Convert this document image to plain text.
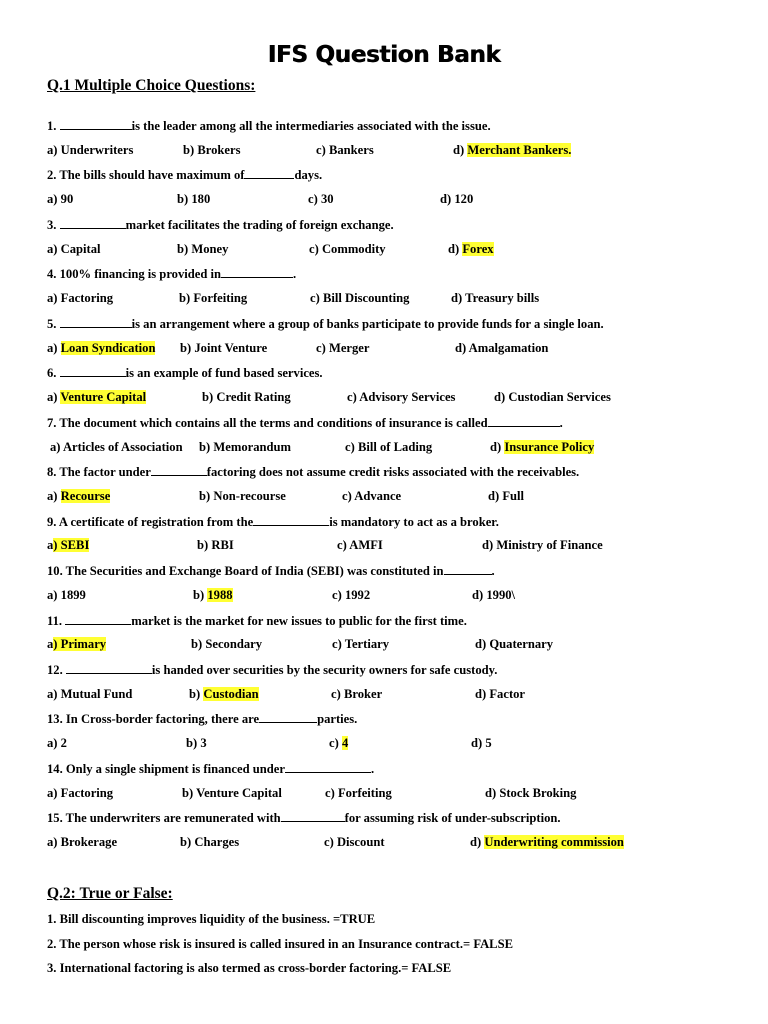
IFS Question Bank
Q.1 Multiple Choice Questions:
1.	is the leader among all the intermediaries associated with the issue.
a) Underwriters	b) Brokers	c) Bankers	d) Merchant Bankers.
2. The bills should have maximum of	days.
a) 90	b) 180	c) 30	d) 120
3.	market facilitates the trading of foreign exchange.
a) Capital	b) Money	c) Commodity	d) Forex
4. 100% financing is provided in	.
a) Factoring	b) Forfeiting	c) Bill Discounting	d) Treasury bills
5.	is an arrangement where a group of banks participate to provide funds for a single loan.
a) Loan Syndication b) Joint Venture	c) Merger	d) Amalgamation
6.	is an example of fund based services.
a) Venture Capital	b) Credit Rating	c) Advisory Services	d) Custodian Services
7. The document which contains all the terms and conditions of insurance is called	.
a) Articles of Association b) Memorandum	c) Bill of Lading	d) Insurance Policy
8. The factor under	factoring does not assume credit risks associated with the receivables.
a) Recourse	b) Non-recourse	c) Advance	d) Full
9. A certificate of registration from the	is mandatory to act as a broker.
a) SEBI	b) RBI	c) AMFI	d) Ministry of Finance
10. The Securities and Exchange Board of India (SEBI) was constituted in	.
a) 1899	b) 1988	c) 1992	d) 1990\
11.	market is the market for new issues to public for the first time.
a) Primary	b) Secondary	c) Tertiary	d) Quaternary
12.	is handed over securities by the security owners for safe custody.
a) Mutual Fund	b) Custodian	c) Broker	d) Factor
13. In Cross-border factoring, there are	parties.
a) 2	b) 3	c) 4	d) 5
14. Only a single shipment is financed under	.
a) Factoring	b) Venture Capital	c) Forfeiting	d) Stock Broking
15. The underwriters are remunerated with	for assuming risk of under-subscription.
a) Brokerage	b) Charges	c) Discount	d) Underwriting commission
Q.2: True or False:
1. Bill discounting improves liquidity of the business. =TRUE
2. The person whose risk is insured is called insured in an Insurance contract.= FALSE
3. International factoring is also termed as cross-border factoring.= FALSE
